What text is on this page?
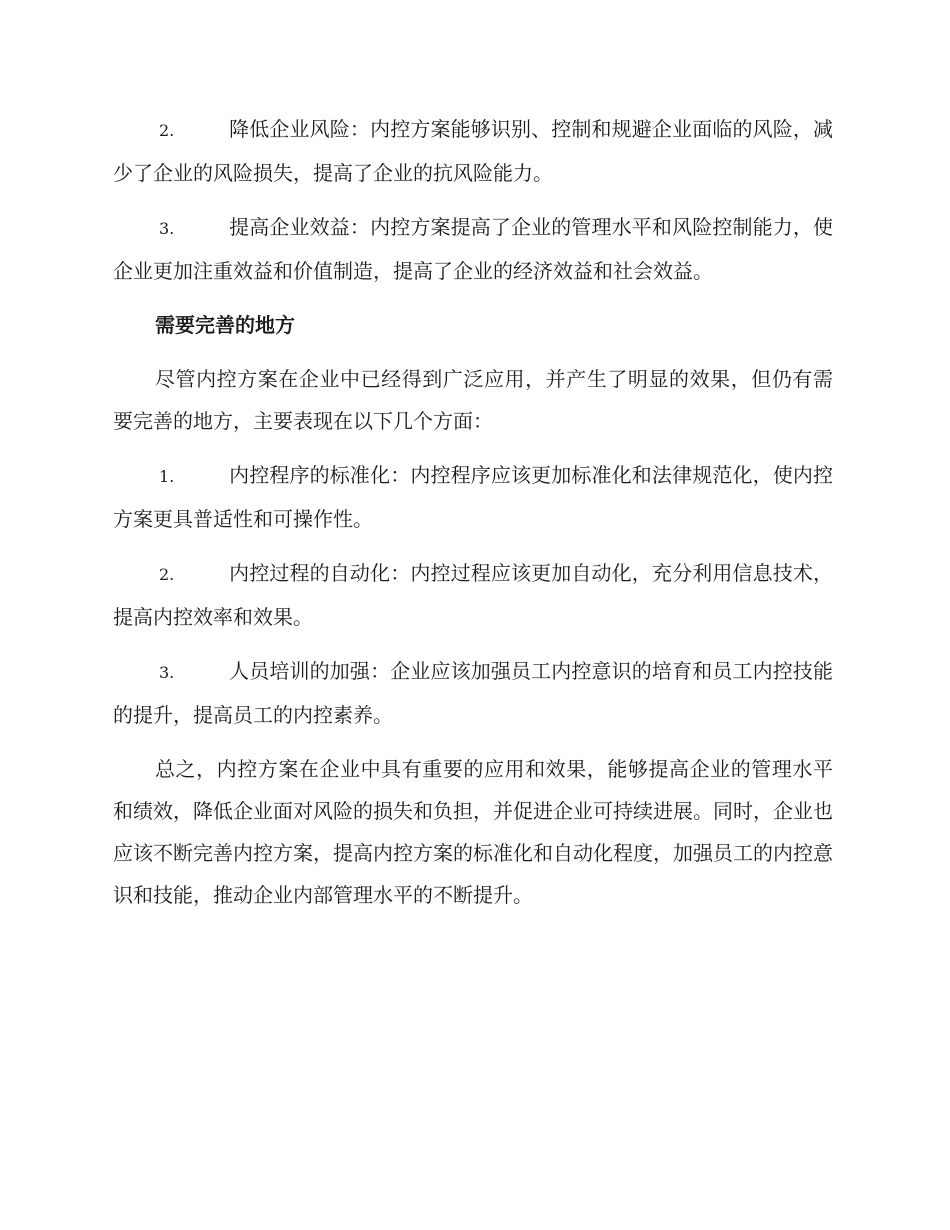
2.	降低企业风险：内控方案能够识别、控制和规避企业面临的风险，减少了企业的风险损失，提高了企业的抗风险能力。
3.	提高企业效益：内控方案提高了企业的管理水平和风险控制能力，使企业更加注重效益和价值制造，提高了企业的经济效益和社会效益。
需要完善的地方

尽管内控方案在企业中已经得到广泛应用，并产生了明显的效果，但仍有需要完善的地方，主要表现在以下几个方面：

1.	内控程序的标准化：内控程序应该更加标准化和法律规范化，使内控方案更具普适性和可操作性。
2.	内控过程的自动化：内控过程应该更加自动化，充分利用信息技术，提高内控效率和效果。
3.	人员培训的加强：企业应该加强员工内控意识的培育和员工内控技能的提升，提高员工的内控素养。

总之，内控方案在企业中具有重要的应用和效果，能够提高企业的管理水平和绩效，降低企业面对风险的损失和负担，并促进企业可持续进展。同时，企业也应该不断完善内控方案，提高内控方案的标准化和自动化程度，加强员工的内控意识和技能，推动企业内部管理水平的不断提升。
